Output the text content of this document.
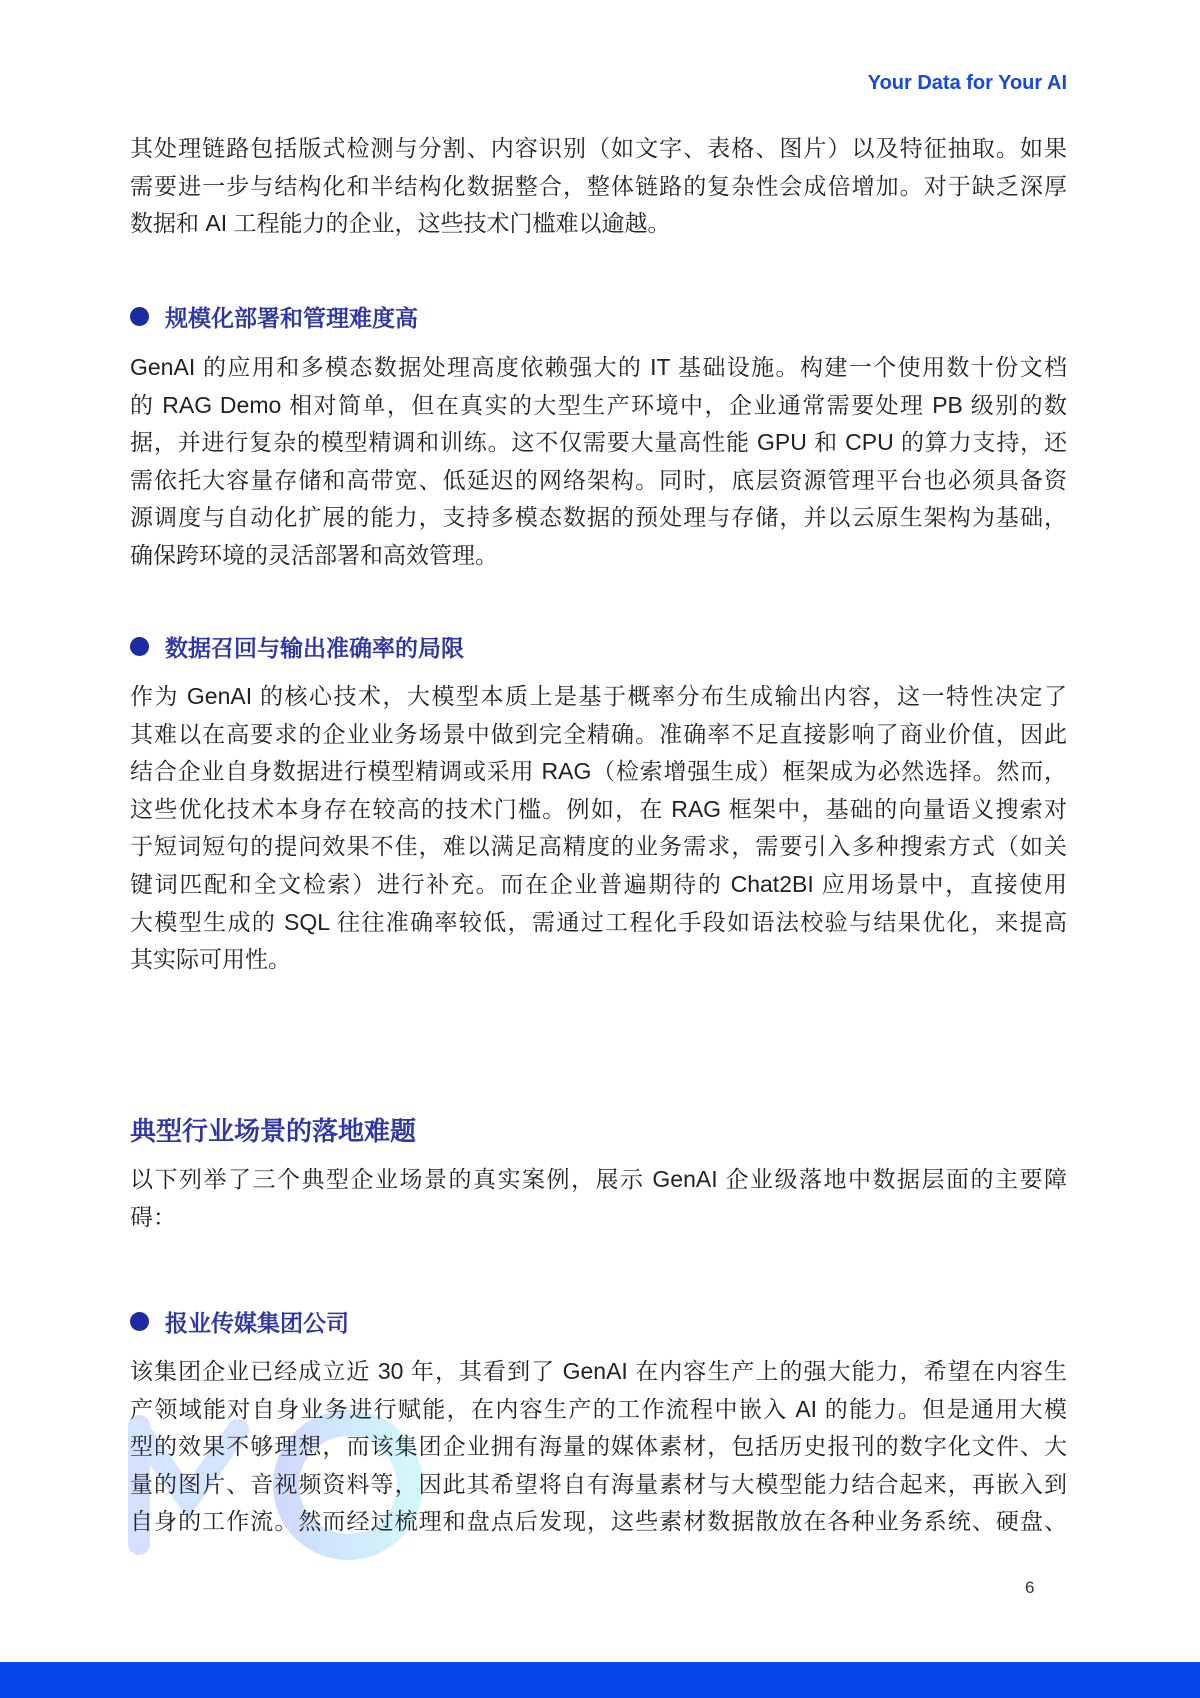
Your Data for Your AI
其处理链路包括版式检测与分割、内容识别（如文字、表格、图片）以及特征抽取。如果
需要进一步与结构化和半结构化数据整合，整体链路的复杂性会成倍增加。对于缺乏深厚
数据和 AI 工程能力的企业，这些技术门槛难以逾越。
规模化部署和管理难度高
GenAI 的应用和多模态数据处理高度依赖强大的 IT 基础设施。构建一个使用数十份文档
的 RAG Demo 相对简单，但在真实的大型生产环境中，企业通常需要处理 PB 级别的数
据，并进行复杂的模型精调和训练。这不仅需要大量高性能 GPU 和 CPU 的算力支持，还
需依托大容量存储和高带宽、低延迟的网络架构。同时，底层资源管理平台也必须具备资
源调度与自动化扩展的能力，支持多模态数据的预处理与存储，并以云原生架构为基础，
确保跨环境的灵活部署和高效管理。
数据召回与输出准确率的局限
作为 GenAI 的核心技术，大模型本质上是基于概率分布生成输出内容，这一特性决定了
其难以在高要求的企业业务场景中做到完全精确。准确率不足直接影响了商业价值，因此
结合企业自身数据进行模型精调或采用 RAG（检索增强生成）框架成为必然选择。然而，
这些优化技术本身存在较高的技术门槛。例如，在 RAG 框架中，基础的向量语义搜索对
于短词短句的提问效果不佳，难以满足高精度的业务需求，需要引入多种搜索方式（如关
键词匹配和全文检索）进行补充。而在企业普遍期待的 Chat2BI 应用场景中，直接使用
大模型生成的 SQL 往往准确率较低，需通过工程化手段如语法校验与结果优化，来提高
其实际可用性。
典型行业场景的落地难题
以下列举了三个典型企业场景的真实案例，展示 GenAI 企业级落地中数据层面的主要障
碍：
报业传媒集团公司
该集团企业已经成立近 30 年，其看到了 GenAI 在内容生产上的强大能力，希望在内容生
产领域能对自身业务进行赋能，在内容生产的工作流程中嵌入 AI 的能力。但是通用大模
型的效果不够理想，而该集团企业拥有海量的媒体素材，包括历史报刊的数字化文件、大
量的图片、音视频资料等，因此其希望将自有海量素材与大模型能力结合起来，再嵌入到
自身的工作流。然而经过梳理和盘点后发现，这些素材数据散放在各种业务系统、硬盘、
6
